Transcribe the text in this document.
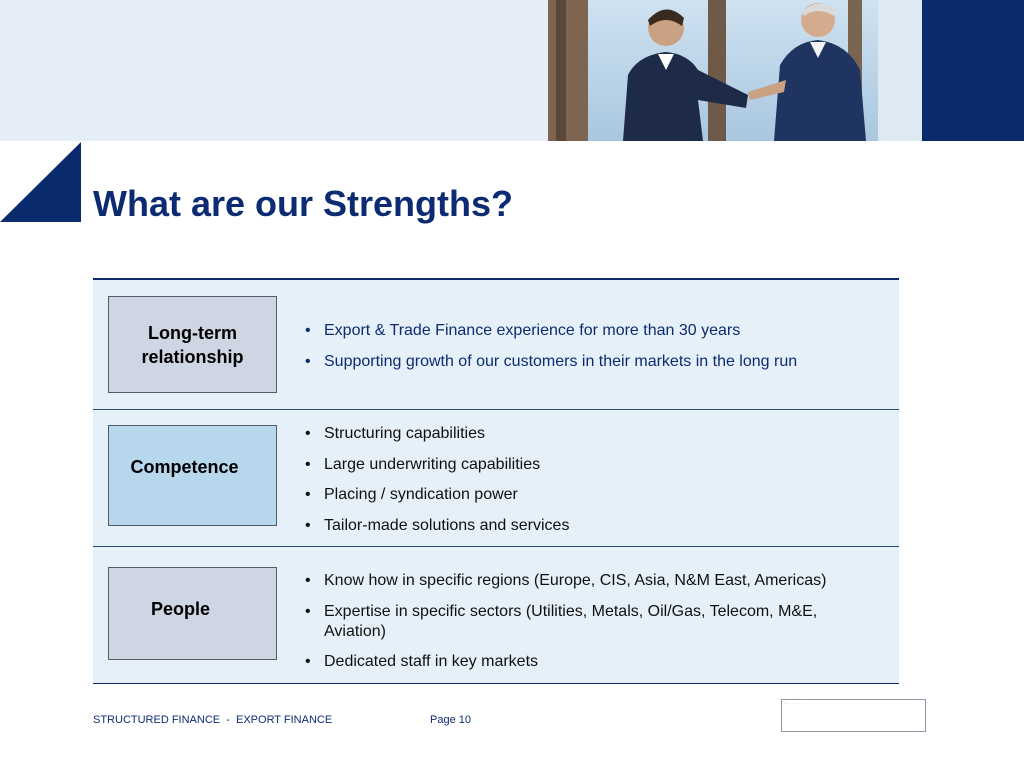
What are our Strengths?
Long-term relationship
• Export & Trade Finance experience for more than 30 years
• Supporting growth of our customers in their markets in the long run
Competence
• Structuring capabilities
• Large underwriting capabilities
• Placing / syndication power
• Tailor-made solutions and services
People
• Know how in specific regions (Europe, CIS, Asia, N&M East, Americas)
• Expertise in specific sectors (Utilities, Metals, Oil/Gas, Telecom, M&E, Aviation)
• Dedicated staff in key markets
STRUCTURED FINANCE  -  EXPORT FINANCE	Page 10
▪ ············ ·····
